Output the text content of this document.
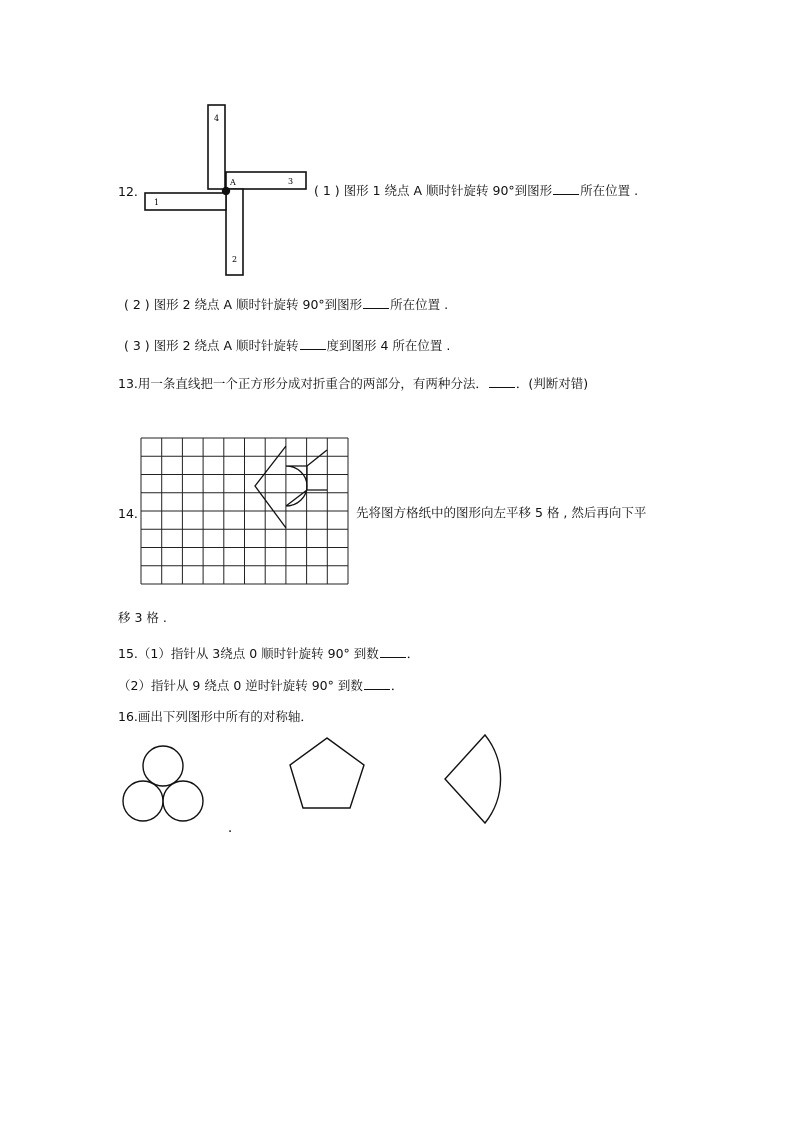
12.
4
3
2
1
A
( 1 ) 图形 1 绕点 A 顺时针旋转 90°到图形 所在位置 .
( 2 ) 图形 2 绕点 A 顺时针旋转 90°到图形 所在位置 .
( 3 ) 图形 2 绕点 A 顺时针旋转 度到图形 4 所在位置 .
13.用一条直线把一个正方形分成对折重合的两部分，有两种分法． ．(判断对错)
14.	先将图方格纸中的图形向左平移 5 格 , 然后再向下平
移 3 格 .
15.（1）指针从 3绕点 0 顺时针旋转 90° 到数 ．
（2）指针从 9 绕点 0 逆时针旋转 90° 到数 ．
16.画出下列图形中所有的对称轴．
.
